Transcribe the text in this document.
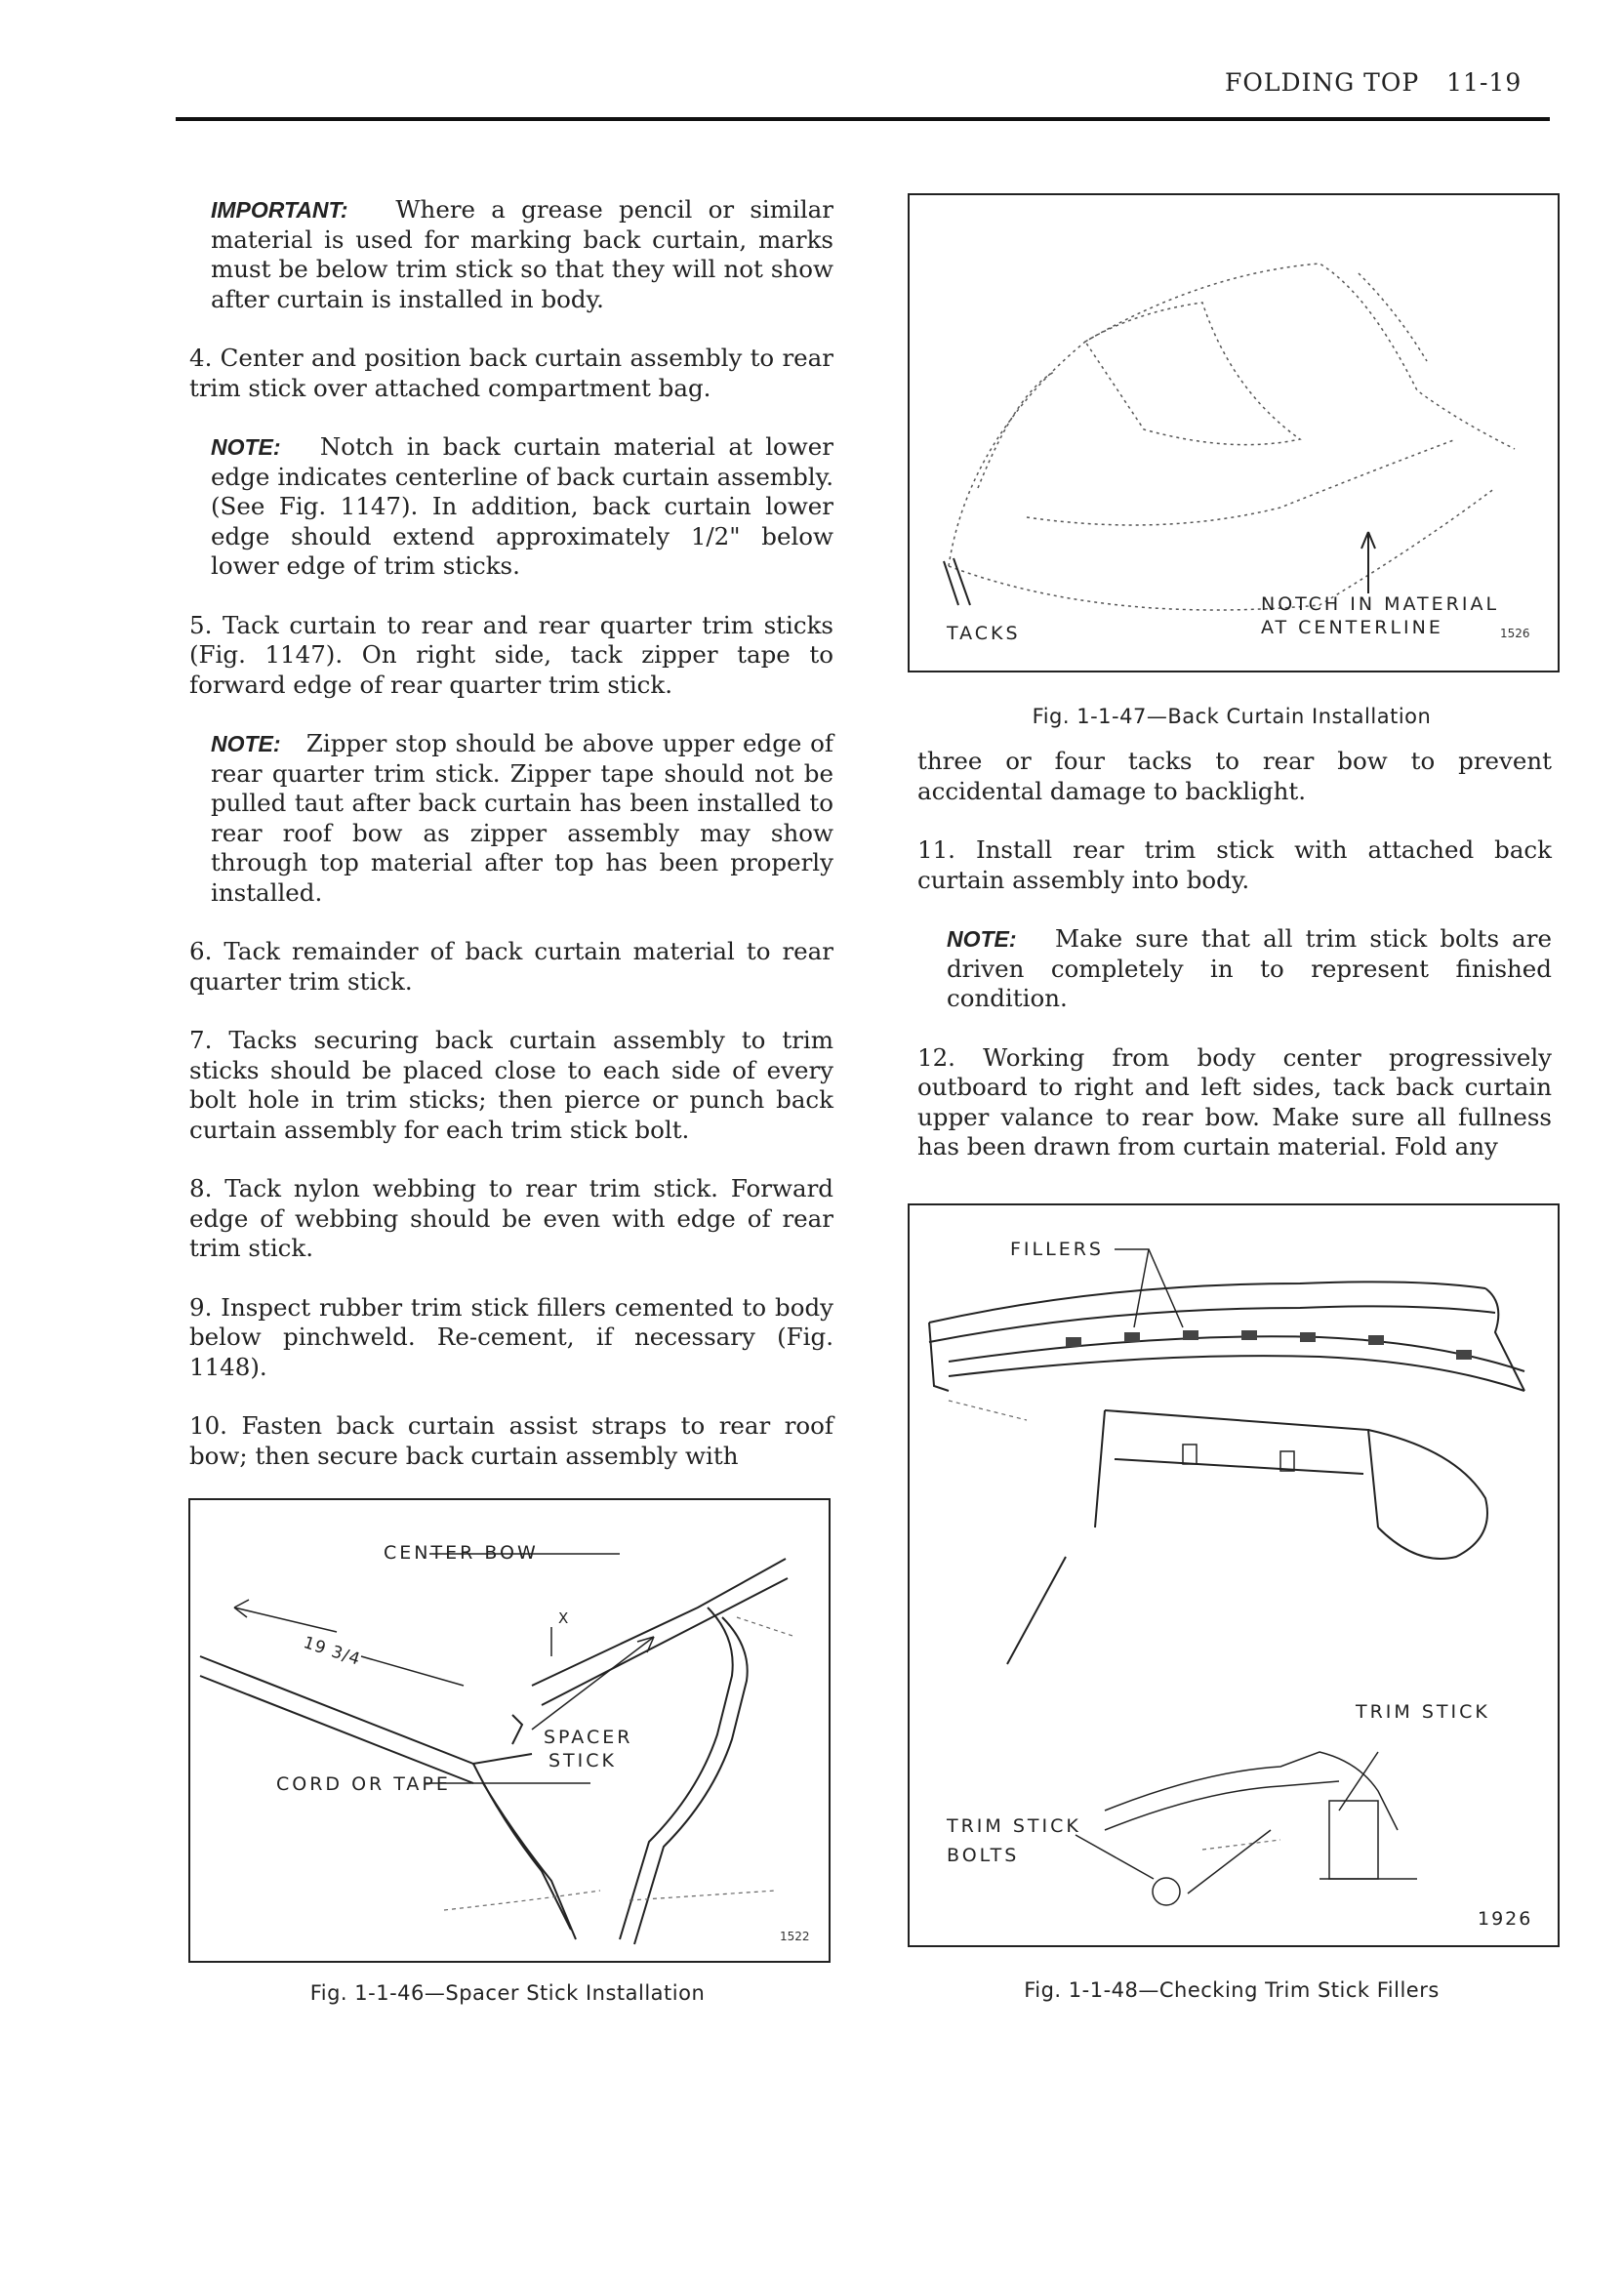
FOLDING TOP 11-19

IMPORTANT: Where a grease pencil or similar material is used for marking back curtain, marks must be below trim stick so that they will not show after curtain is installed in body.

4. Center and position back curtain assembly to rear trim stick over attached compartment bag.

NOTE: Notch in back curtain material at lower edge indicates centerline of back curtain assembly. (See Fig. 1147). In addition, back curtain lower edge should extend approximately 1/2" below lower edge of trim sticks.

5. Tack curtain to rear and rear quarter trim sticks (Fig. 1147). On right side, tack zipper tape to forward edge of rear quarter trim stick.

NOTE: Zipper stop should be above upper edge of rear quarter trim stick. Zipper tape should not be pulled taut after back curtain has been installed to rear roof bow as zipper assembly may show through top material after top has been properly installed.

6. Tack remainder of back curtain material to rear quarter trim stick.

7. Tacks securing back curtain assembly to trim sticks should be placed close to each side of every bolt hole in trim sticks; then pierce or punch back curtain assembly for each trim stick bolt.

8. Tack nylon webbing to rear trim stick. Forward edge of webbing should be even with edge of rear trim stick.

9. Inspect rubber trim stick fillers cemented to body below pinchweld. Re-cement, if necessary (Fig. 1148).

10. Fasten back curtain assist straps to rear roof bow; then secure back curtain assembly with

three or four tacks to rear bow to prevent accidental damage to backlight.

11. Install rear trim stick with attached back curtain assembly into body.

NOTE: Make sure that all trim stick bolts are driven completely in to represent finished condition.

12. Working from body center progressively outboard to right and left sides, tack back curtain upper valance to rear bow. Make sure all fullness has been drawn from curtain material. Fold any

TACKS
NOTCH IN MATERIAL
AT CENTERLINE	1526
Fig. 1-1-47—Back Curtain Installation
CENTER BOW
19 3/4
X
SPACER
STICK
CORD OR TAPE
1522
Fig. 1-1-46—Spacer Stick Installation
FILLERS
TRIM STICK
TRIM STICK
BOLTS
1926
Fig. 1-1-48—Checking Trim Stick Fillers
